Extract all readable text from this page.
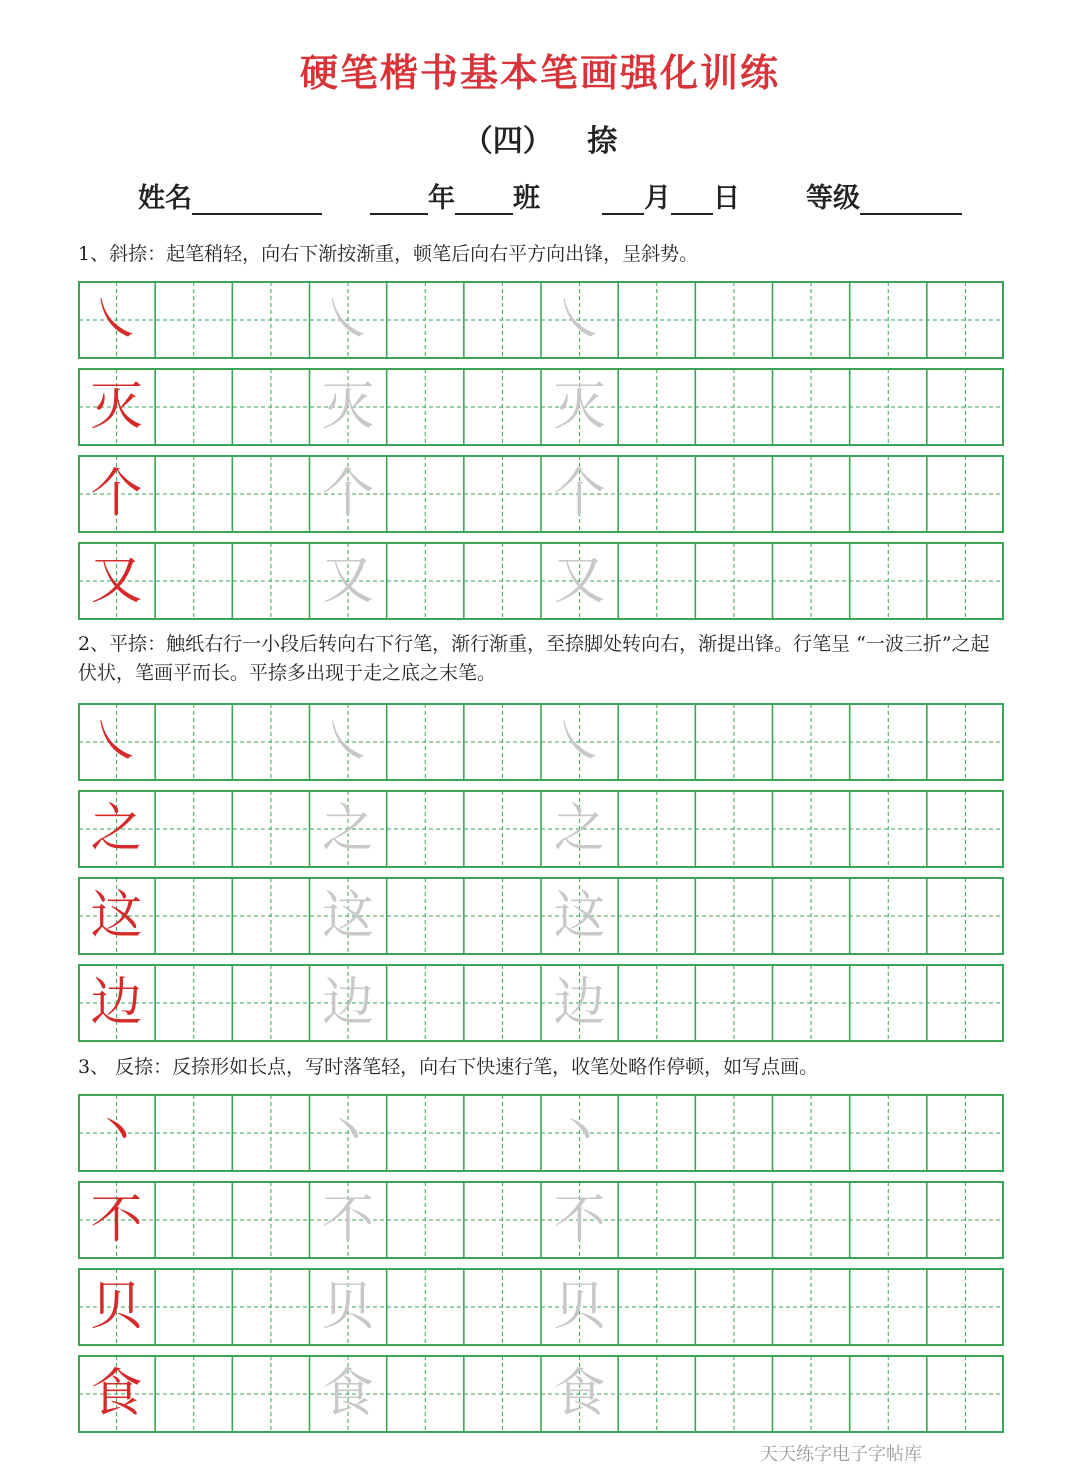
硬笔楷书基本笔画强化训练
（四） 捺
姓名	年 班	月 日 等级
1、斜捺：起笔稍轻，向右下渐按渐重，顿笔后向右平方向出锋，呈斜势。
㇏	㇏	㇏
灭	灭	灭
个	个	个
又	又	又
2、平捺：触纸右行一小段后转向右下行笔，渐行渐重，至捺脚处转向右，渐提出锋。行笔呈 “一波三折”之起伏状，笔画平而长。平捺多出现于走之底之末笔。
㇏	㇏	㇏
之	之	之
这	这	这
边	边	边
3、 反捺：反捺形如长点，写时落笔轻，向右下快速行笔，收笔处略作停顿，如写点画。
丶	丶	丶
不	不	不
贝	贝	贝
食	食	食
天天练字电子字帖库
